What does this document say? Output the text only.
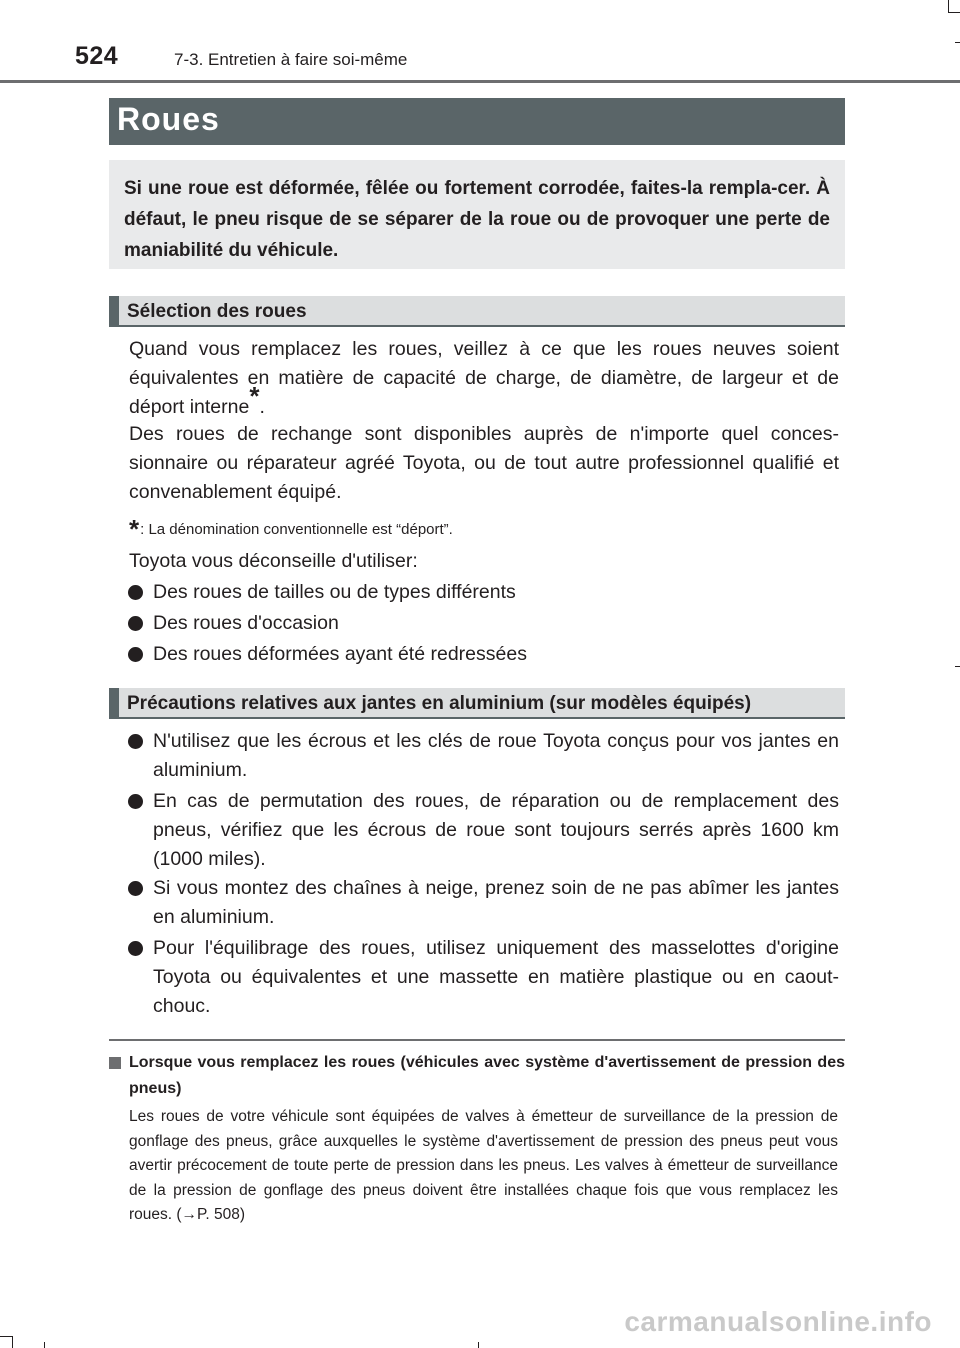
524	7-3. Entretien à faire soi-même
Roues
Si une roue est déformée, fêlée ou fortement corrodée, faites-la rempla-cer. À défaut, le pneu risque de se séparer de la roue ou de provoquer une perte de maniabilité du véhicule.
Sélection des roues
Quand vous remplacez les roues, veillez à ce que les roues neuves soient équivalentes en matière de capacité de charge, de diamètre, de largeur et de déport interne*.
Des roues de rechange sont disponibles auprès de n'importe quel conces-sionnaire ou réparateur agréé Toyota, ou de tout autre professionnel qualifié et convenablement équipé.
*: La dénomination conventionnelle est “déport”.
Toyota vous déconseille d'utiliser:
Des roues de tailles ou de types différents
Des roues d'occasion
Des roues déformées ayant été redressées
Précautions relatives aux jantes en aluminium (sur modèles équipés)
N'utilisez que les écrous et les clés de roue Toyota conçus pour vos jantes en aluminium.
En cas de permutation des roues, de réparation ou de remplacement des pneus, vérifiez que les écrous de roue sont toujours serrés après 1600 km (1000 miles).
Si vous montez des chaînes à neige, prenez soin de ne pas abîmer les jantes en aluminium.
Pour l'équilibrage des roues, utilisez uniquement des masselottes d'origine Toyota ou équivalentes et une massette en matière plastique ou en caout-chouc.
Lorsque vous remplacez les roues (véhicules avec système d'avertissement de pression des pneus)
Les roues de votre véhicule sont équipées de valves à émetteur de surveillance de la pression de gonflage des pneus, grâce auxquelles le système d'avertissement de pression des pneus peut vous avertir précocement de toute perte de pression dans les pneus. Les valves à émetteur de surveillance de la pression de gonflage des pneus doivent être installées chaque fois que vous remplacez les roues. (→P. 508)
carmanualsonline.info
